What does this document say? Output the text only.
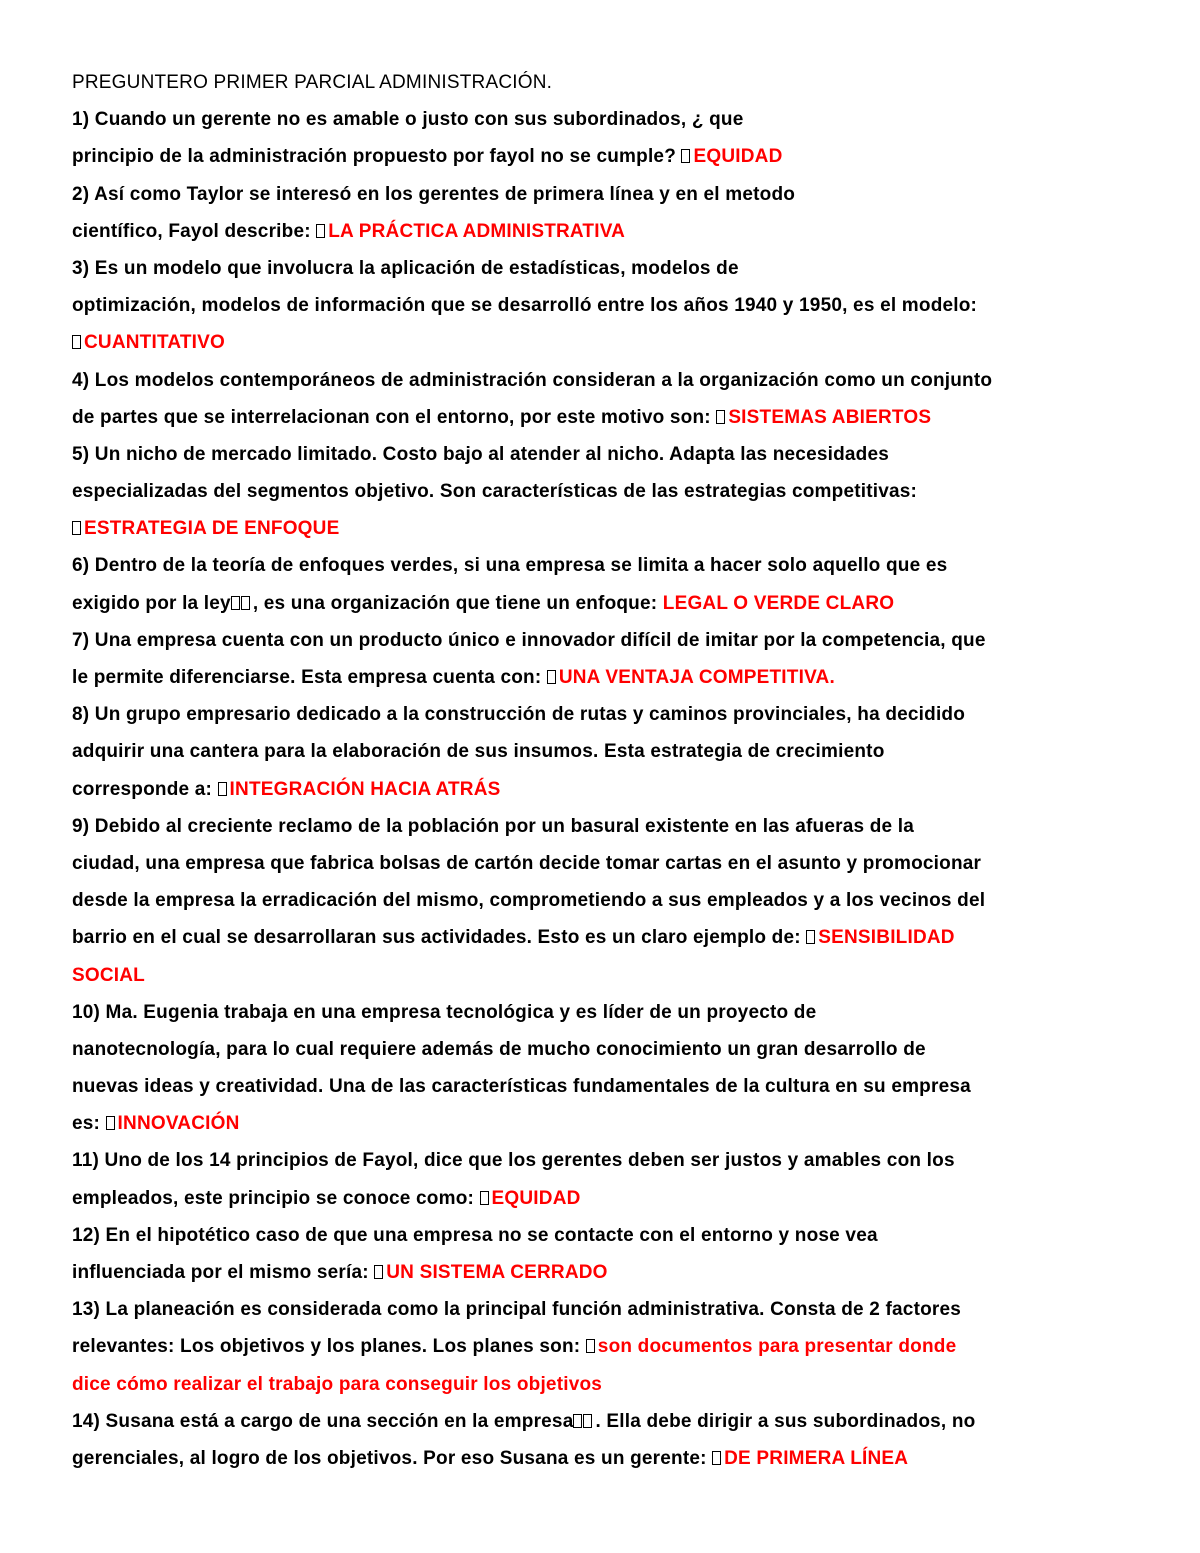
PREGUNTERO PRIMER PARCIAL ADMINISTRACIÓN.
1) Cuando un gerente no es amable o justo con sus subordinados, ¿ que
principio de la administración propuesto por fayol no se cumple? EQUIDAD
2) Así como Taylor se interesó en los gerentes de primera línea y en el metodo
científico, Fayol describe: LA PRÁCTICA ADMINISTRATIVA
3) Es un modelo que involucra la aplicación de estadísticas, modelos de
optimización, modelos de información que se desarrolló entre los años 1940 y 1950, es el modelo:
CUANTITATIVO
4) Los modelos contemporáneos de administración consideran a la organización como un conjunto
de partes que se interrelacionan con el entorno, por este motivo son: SISTEMAS ABIERTOS
5) Un nicho de mercado limitado. Costo bajo al atender al nicho. Adapta las necesidades
especializadas del segmentos objetivo. Son características de las estrategias competitivas:
ESTRATEGIA DE ENFOQUE
6) Dentro de la teoría de enfoques verdes, si una empresa se limita a hacer solo aquello que es
exigido por la ley , es una organización que tiene un enfoque: LEGAL O VERDE CLARO
7) Una empresa cuenta con un producto único e innovador difícil de imitar por la competencia, que
le permite diferenciarse. Esta empresa cuenta con: UNA VENTAJA COMPETITIVA.
8) Un grupo empresario dedicado a la construcción de rutas y caminos provinciales, ha decidido
adquirir una cantera para la elaboración de sus insumos. Esta estrategia de crecimiento
corresponde a: INTEGRACIÓN HACIA ATRÁS
9) Debido al creciente reclamo de la población por un basural existente en las afueras de la
ciudad, una empresa que fabrica bolsas de cartón decide tomar cartas en el asunto y promocionar
desde la empresa la erradicación del mismo, comprometiendo a sus empleados y a los vecinos del
barrio en el cual se desarrollaran sus actividades. Esto es un claro ejemplo de: SENSIBILIDAD
SOCIAL
10) Ma. Eugenia trabaja en una empresa tecnológica y es líder de un proyecto de
nanotecnología, para lo cual requiere además de mucho conocimiento un gran desarrollo de
nuevas ideas y creatividad. Una de las características fundamentales de la cultura en su empresa
es: INNOVACIÓN
11) Uno de los 14 principios de Fayol, dice que los gerentes deben ser justos y amables con los
empleados, este principio se conoce como: EQUIDAD
12) En el hipotético caso de que una empresa no se contacte con el entorno y nose vea
influenciada por el mismo sería: UN SISTEMA CERRADO
13) La planeación es considerada como la principal función administrativa. Consta de 2 factores
relevantes: Los objetivos y los planes. Los planes son: son documentos para presentar donde
dice cómo realizar el trabajo para conseguir los objetivos
14) Susana está a cargo de una sección en la empresa . Ella debe dirigir a sus subordinados, no
gerenciales, al logro de los objetivos. Por eso Susana es un gerente: DE PRIMERA LÍNEA
